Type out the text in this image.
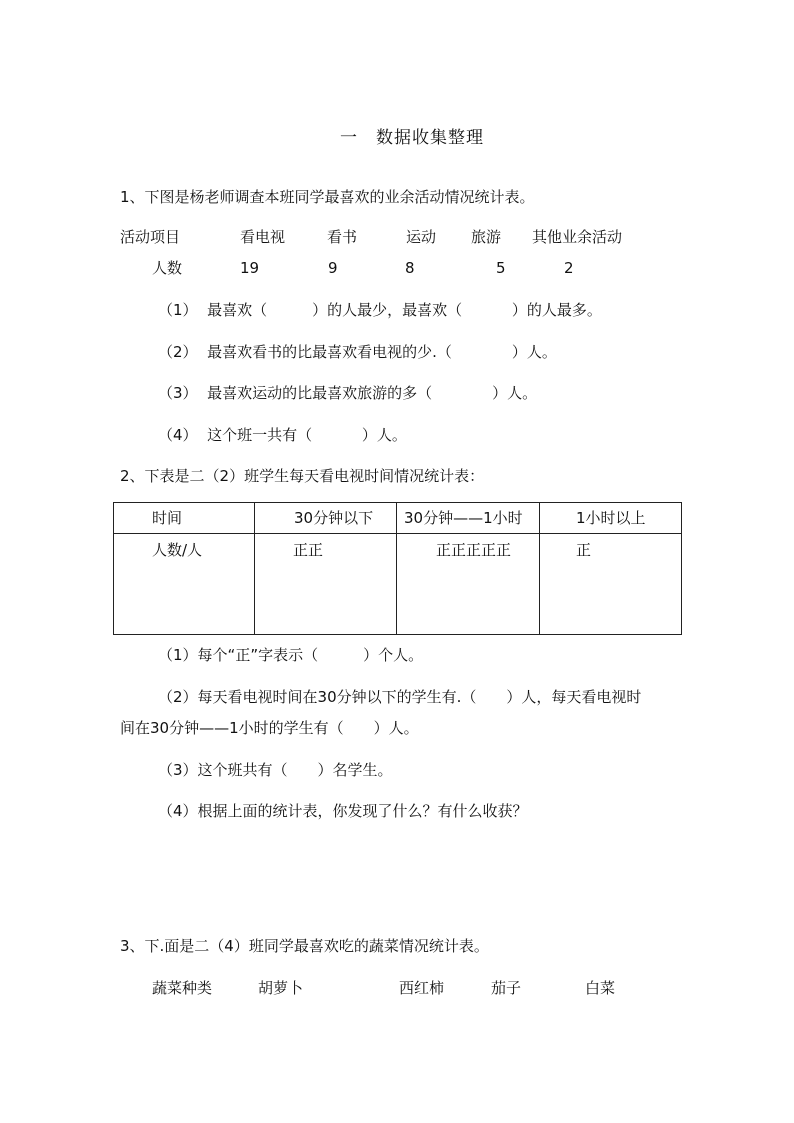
一　数据收集整理
1、下图是杨老师调查本班同学最喜欢的业余活动情况统计表。
活动项目	看电视	看书	运动 旅游 其他业余活动
人数	19	9	8	5	2
（1）  最喜欢（　　　）的人最少，最喜欢（　　　 ）的人最多。
（2）  最喜欢看书的比最喜欢看电视的少.（　　　　）人。
（3）  最喜欢运动的比最喜欢旅游的多（　　　　）人。
（4）  这个班一共有（　　　 ）人。
2、下表是二（2）班学生每天看电视时间情况统计表：
时间	30分钟以下	30分钟——1小时	1小时以上
人数/人	正正	正正正正正	正
（1）每个“正”字表示（　　　）个人。
（2）每天看电视时间在30分钟以下的学生有.（　　）人，每天看电视时
间在30分钟——1小时的学生有（　　）人。
（3）这个班共有（　　）名学生。
（4）根据上面的统计表，你发现了什么？有什么收获？
3、下.面是二（4）班同学最喜欢吃的蔬菜情况统计表。
蔬菜种类	胡萝卜	西红柿	茄子	白菜
